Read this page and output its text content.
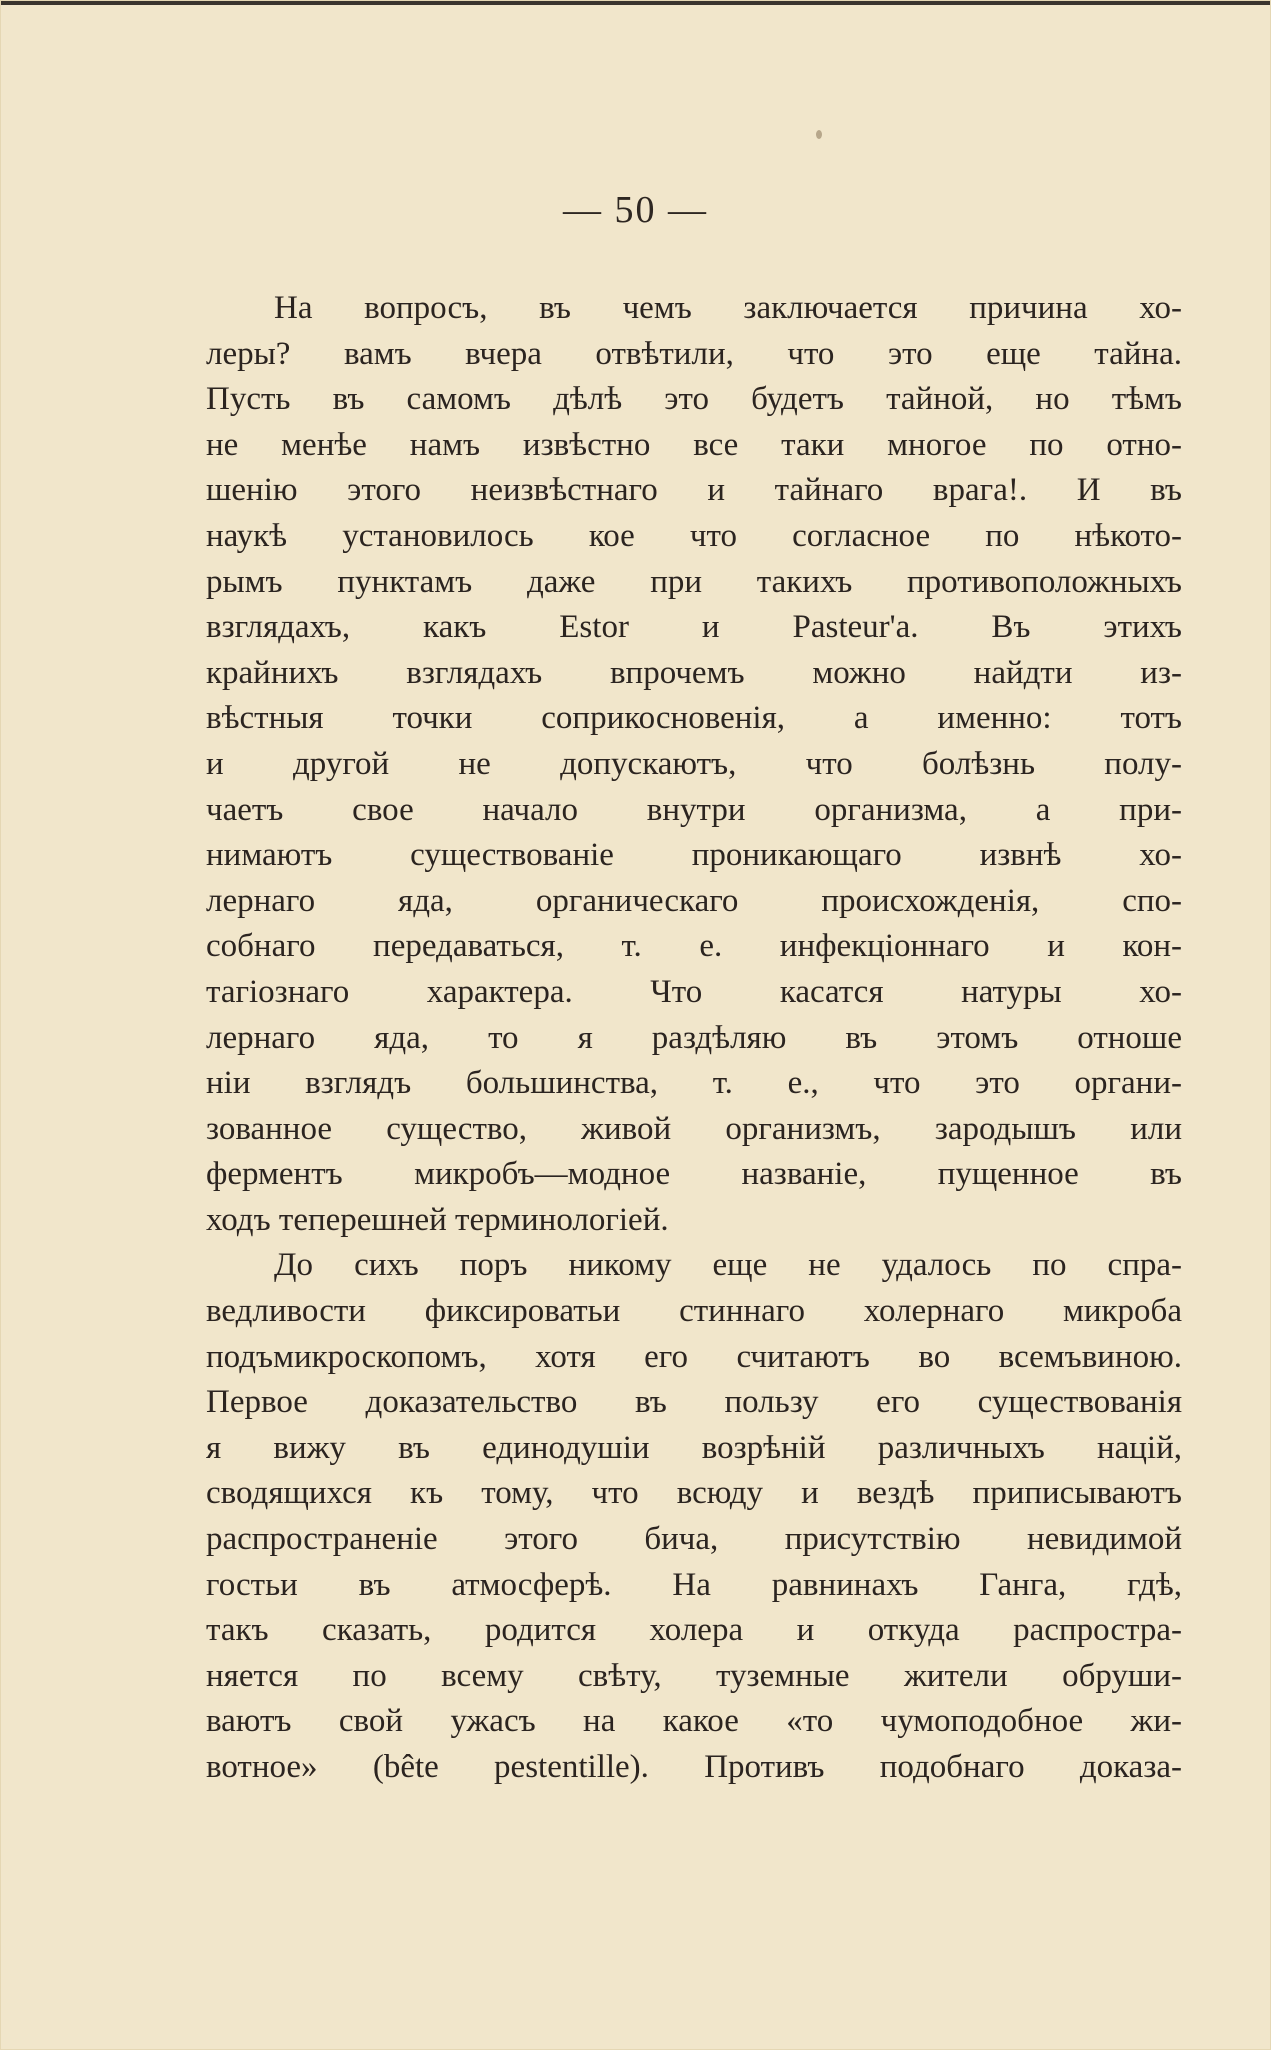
— 50 —
На вопросъ, въ чемъ заключается причина хо-
леры? вамъ вчера отвѣтили, что это еще тайна.
Пусть въ самомъ дѣлѣ это будетъ тайной, но тѣмъ
не менѣе намъ извѣстно все таки многое по отно-
шенію этого неизвѣстнаго и тайнаго врага!. И въ
наукѣ установилось кое что согласное по нѣкото-
рымъ пунктамъ даже при такихъ противоположныхъ
взглядахъ, какъ Estor и Pasteur'а. Въ этихъ
крайнихъ взглядахъ впрочемъ можно найдти из-
вѣстныя точки соприкосновенія, а именно: тотъ
и другой не допускаютъ, что болѣзнь полу-
чаетъ свое начало внутри организма, а при-
нимаютъ существованіе проникающаго извнѣ хо-
лернаго яда, органическаго происхожденія, спо-
собнаго передаваться, т. е. инфекціоннаго и кон-
тагіознаго характера. Что касатся натуры хо-
лернаго яда, то я раздѣляю въ этомъ отноше
ніи взглядъ большинства, т. е., что это органи-
зованное существо, живой организмъ, зародышъ или
ферментъ микробъ—модное названіе, пущенное въ
ходъ теперешней терминологіей.
До сихъ поръ никому еще не удалось по спра-
ведливости фиксироватьи стиннаго холернаго микроба
подъмикроскопомъ, хотя его считаютъ во всемъвиною.
Первое доказательство въ пользу его существованія
я вижу въ единодушіи возрѣній различныхъ націй,
сводящихся къ тому, что всюду и вездѣ приписываютъ
распространеніе этого бича, присутствію невидимой
гостьи въ атмосферѣ. На равнинахъ Ганга, гдѣ,
такъ сказать, родится холера и откуда распростра-
няется по всему свѣту, туземные жители обруши-
ваютъ свой ужасъ на какое «то чумоподобное жи-
вотное» (bête pestentille). Противъ подобнаго доказа-
